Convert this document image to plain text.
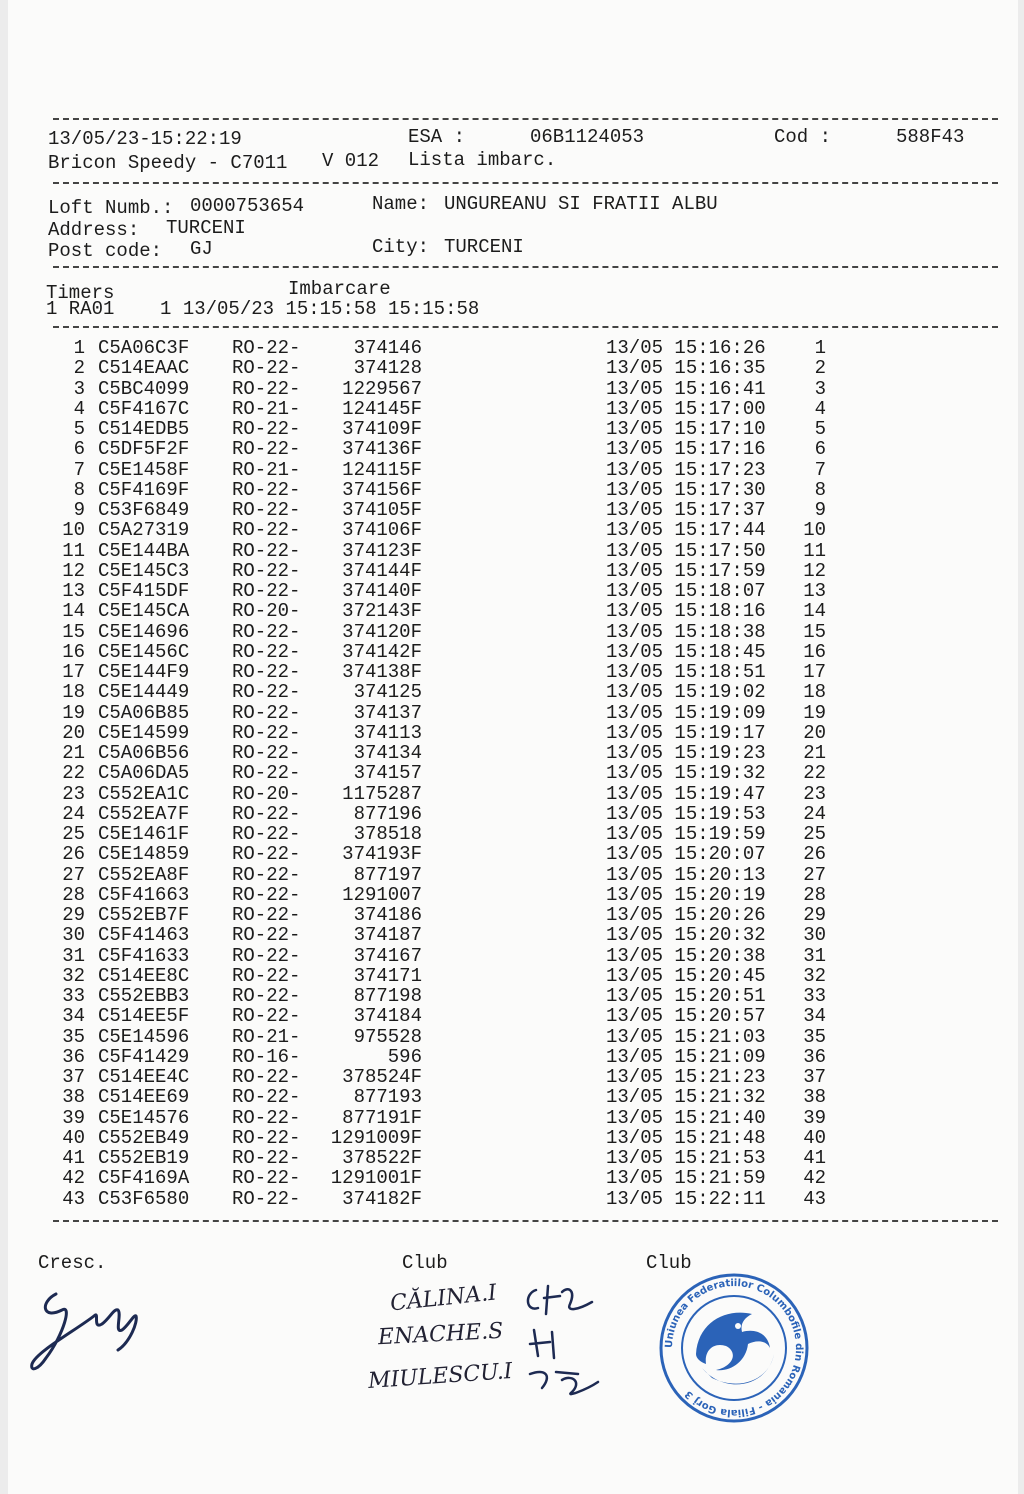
13/05/23-15:22:19	ESA :	06B1124053	Cod :	588F43
Bricon Speedy - C7011 V 012 Lista imbarc.
Loft Numb.: 0000753654	Name: UNGUREANU SI FRATII ALBU
Address: TURCENI
Post code: GJ	City: TURCENI
Imbarcare
Timers
1 RA01    1 13/05/23 15:15:58 15:15:58
1 C5A06C3F RO-22-	374146	13/05 15:16:26	1
2 C514EAAC RO-22-	374128	13/05 15:16:35	2
3 C5BC4099 RO-22-	1229567	13/05 15:16:41	3
4 C5F4167C RO-21-	124145F	13/05 15:17:00	4
5 C514EDB5 RO-22-	374109F	13/05 15:17:10	5
6 C5DF5F2F RO-22-	374136F	13/05 15:17:16	6
7 C5E1458F RO-21-	124115F	13/05 15:17:23	7
8 C5F4169F RO-22-	374156F	13/05 15:17:30	8
9 C53F6849 RO-22-	374105F	13/05 15:17:37	9
10 C5A27319 RO-22-	374106F	13/05 15:17:44	10
11 C5E144BA RO-22-	374123F	13/05 15:17:50	11
12 C5E145C3 RO-22-	374144F	13/05 15:17:59	12
13 C5F415DF RO-22-	374140F	13/05 15:18:07	13
14 C5E145CA RO-20-	372143F	13/05 15:18:16	14
15 C5E14696 RO-22-	374120F	13/05 15:18:38	15
16 C5E1456C RO-22-	374142F	13/05 15:18:45	16
17 C5E144F9 RO-22-	374138F	13/05 15:18:51	17
18 C5E14449 RO-22-	374125	13/05 15:19:02	18
19 C5A06B85 RO-22-	374137	13/05 15:19:09	19
20 C5E14599 RO-22-	374113	13/05 15:19:17	20
21 C5A06B56 RO-22-	374134	13/05 15:19:23	21
22 C5A06DA5 RO-22-	374157	13/05 15:19:32	22
23 C552EA1C RO-20-	1175287	13/05 15:19:47	23
24 C552EA7F RO-22-	877196	13/05 15:19:53	24
25 C5E1461F RO-22-	378518	13/05 15:19:59	25
26 C5E14859 RO-22-	374193F	13/05 15:20:07	26
27 C552EA8F RO-22-	877197	13/05 15:20:13	27
28 C5F41663 RO-22-	1291007	13/05 15:20:19	28
29 C552EB7F RO-22-	374186	13/05 15:20:26	29
30 C5F41463 RO-22-	374187	13/05 15:20:32	30
31 C5F41633 RO-22-	374167	13/05 15:20:38	31
32 C514EE8C RO-22-	374171	13/05 15:20:45	32
33 C552EBB3 RO-22-	877198	13/05 15:20:51	33
34 C514EE5F RO-22-	374184	13/05 15:20:57	34
35 C5E14596 RO-21-	975528	13/05 15:21:03	35
36 C5F41429 RO-16-	596	13/05 15:21:09	36
37 C514EE4C RO-22-	378524F	13/05 15:21:23	37
38 C514EE69 RO-22-	877193	13/05 15:21:32	38
39 C5E14576 RO-22-	877191F	13/05 15:21:40	39
40 C552EB49 RO-22- 1291009F	13/05 15:21:48	40
41 C552EB19 RO-22-	378522F	13/05 15:21:53	41
42 C5F4169A RO-22- 1291001F	13/05 15:21:59	42
43 C53F6580 RO-22-	374182F	13/05 15:22:11	43
Cresc.	Club	Club
CĂLINA.I
ENACHE.S
MIULESCU.I
Uniunea Federatiilor Columbofile din Romania - Filiala Gorj 3
